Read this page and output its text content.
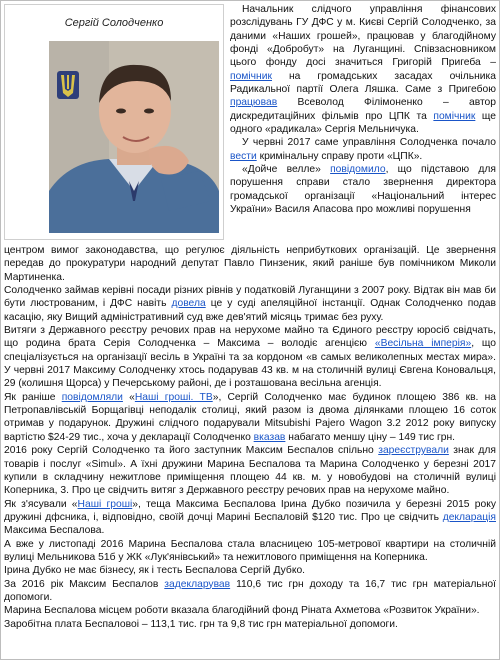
Сергій Солодченко

Начальник слідчого управління фінансових розслідувань ГУ ДФС у м. Києві Сергій Солодченко, за даними «Наших грошей», працював у благодійному фонді «Добробут» на Луганщині. Співзасновником цього фонду досі значиться Григорій Пригеба – помічник на громадських засадах очільника Радикальної партії Олега Ляшка. Саме з Пригебою працював Всеволод Філімоненко – автор дискредитаційних фільмів про ЦПК та помічник ще одного «радикала» Сергія Мельничука.

У червні 2017 саме управління Солодченка почало вести кримінальну справу проти «ЦПК».

«Дойче велле» повідомило, що підставою для порушення справи стало звернення директора громадської організації «Національний інтерес України» Василя Апасова про можливі порушення

центром вимог законодавства, що регулює діяльність неприбуткових організацій. Це звернення передав до прокуратури народний депутат Павло Пинзеник, який раніше був помічником Миколи Мартиненка.

Солодченко займав керівні посади різних рівнів у податковій Луганщини з 2007 року. Відтак він мав би бути люстрованим, і ДФС навіть довела це у суді апеляційної інстанції. Однак Солодченко подав касацію, яку Вищий адміністративний суд вже дев'ятий місяць тримає без руху.

Витяги з Державного реєстру речових прав на нерухоме майно та Єдиного реєстру юросіб свідчать, що родина брата Серія Солодченка – Максима – володіє агенцією «Весільна імперія», що спеціалізується на організації весіль в Україні та за кордоном «в самых великолепных местах мира». У червні 2017 Максиму Солодченку хтось подарував 43 кв. м на столичній вулиці Євгена Коновальця, 29 (колишня Щорса) у Печерському районі, де і розташована весільна агенція.

Як раніше повідомляли «Наші гроші. ТВ», Сергій Солодченко має будинок площею 386 кв. на Петропавлівській Борщагівці неподалік столиці, який разом із двома ділянками площею 16 соток отримав у подарунок. Дружині слідчого подарували Mitsubishi Pajero Wagon 3.2 2012 року випуску вартістю $24-29 тис., хоча у декларації Солодченко вказав набагато меншу ціну – 149 тис грн.

2016 року Сергій Солодченко та його заступник Максим Беспалов спільно зареєстрували знак для товарів і послуг «Simul». А їхні дружини Марина Беспалова та Марина Солодченко у березні 2017 купили в складчину нежитлове приміщення площею 44 кв. м. у новобудові на столичній вулиці Коперника, 3. Про це свідчить витяг з Державного реєстру речових прав на нерухоме майно.

Як з'ясували «Наші гроші», теща Максима Беспалова Ірина Дубко позичила у березні 2015 року дружині дфсника, і, відповідно, своїй дочці Марині Беспаловій $120 тис. Про це свідчить декларація Максима Беспалова.

А вже у листопаді 2016 Марина Беспалова стала власницею 105-метрової квартири на столичній вулиці Мельникова 51б у ЖК «Лук'янівський» та нежитлового приміщення на Коперника.

Ірина Дубко не має бізнесу, як і тесть Беспалова Сергій Дубко.

За 2016 рік Максим Беспалов задекларував 110,6 тис грн доходу та 16,7 тис грн матеріальної допомоги.

Марина Беспалова місцем роботи вказала благодійний фонд Ріната Ахметова «Розвиток України».

Заробітна плата Беспаловоі – 113,1 тис. грн та 9,8 тис грн матеріальної допомоги.
